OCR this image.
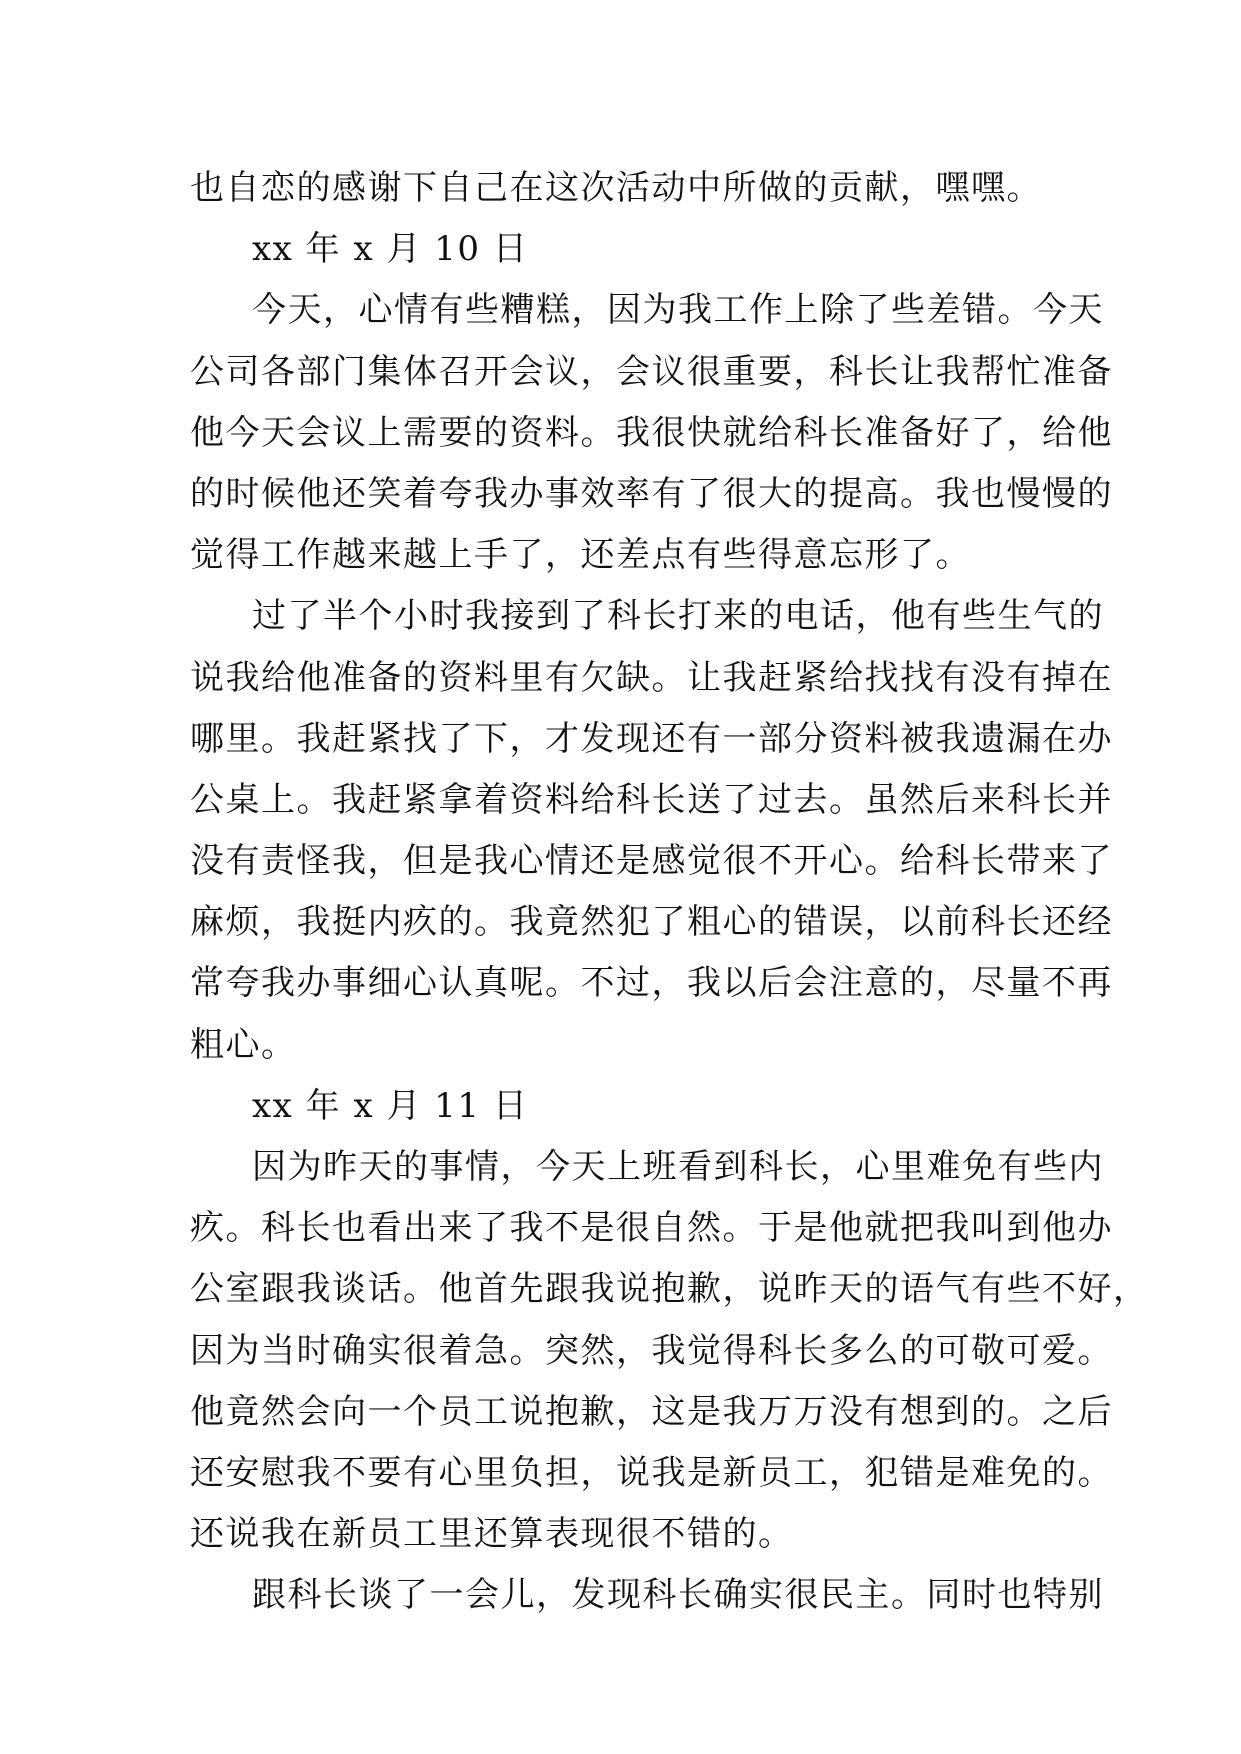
也自恋的感谢下自己在这次活动中所做的贡献，嘿嘿。
xx 年 x 月 10 日
今天，心情有些糟糕，因为我工作上除了些差错。今天
公司各部门集体召开会议，会议很重要，科长让我帮忙准备
他今天会议上需要的资料。我很快就给科长准备好了，给他
的时候他还笑着夸我办事效率有了很大的提高。我也慢慢的
觉得工作越来越上手了，还差点有些得意忘形了。
过了半个小时我接到了科长打来的电话，他有些生气的
说我给他准备的资料里有欠缺。让我赶紧给找找有没有掉在
哪里。我赶紧找了下，才发现还有一部分资料被我遗漏在办
公桌上。我赶紧拿着资料给科长送了过去。虽然后来科长并
没有责怪我，但是我心情还是感觉很不开心。给科长带来了
麻烦，我挺内疚的。我竟然犯了粗心的错误，以前科长还经
常夸我办事细心认真呢。不过，我以后会注意的，尽量不再
粗心。
xx 年 x 月 11 日
因为昨天的事情，今天上班看到科长，心里难免有些内
疚。科长也看出来了我不是很自然。于是他就把我叫到他办
公室跟我谈话。他首先跟我说抱歉，说昨天的语气有些不好，
因为当时确实很着急。突然，我觉得科长多么的可敬可爱。
他竟然会向一个员工说抱歉，这是我万万没有想到的。之后
还安慰我不要有心里负担，说我是新员工，犯错是难免的。
还说我在新员工里还算表现很不错的。
跟科长谈了一会儿，发现科长确实很民主。同时也特别
